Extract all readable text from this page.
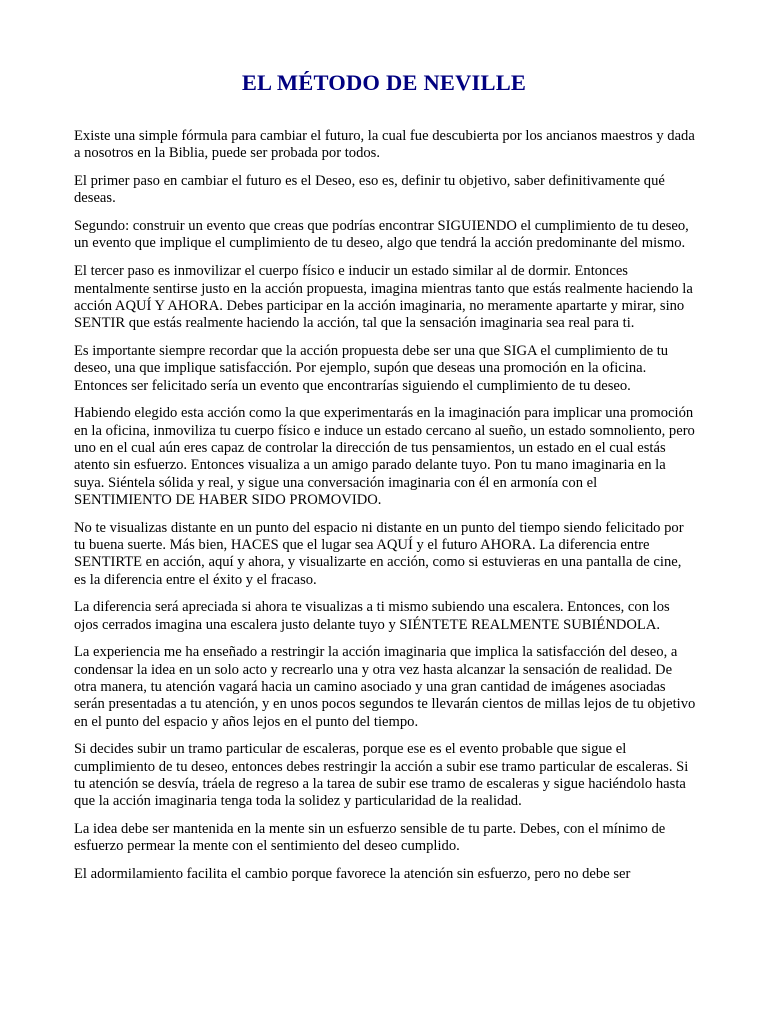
EL MÉTODO DE NEVILLE

Existe una simple fórmula para cambiar el futuro, la cual fue descubierta por los ancianos maestros y dada a nosotros en la Biblia, puede ser probada por todos.

El primer paso en cambiar el futuro es el Deseo, eso es, definir tu objetivo, saber definitivamente qué deseas.

Segundo: construir un evento que creas que podrías encontrar SIGUIENDO el cumplimiento de tu deseo, un evento que implique el cumplimiento de tu deseo, algo que tendrá la acción predominante del mismo.

El tercer paso es inmovilizar el cuerpo físico e inducir un estado similar al de dormir. Entonces mentalmente sentirse justo en la acción propuesta, imagina mientras tanto que estás realmente haciendo la acción AQUÍ Y AHORA. Debes participar en la acción imaginaria, no meramente apartarte y mirar, sino SENTIR que estás realmente haciendo la acción, tal que la sensación imaginaria sea real para ti.

Es importante siempre recordar que la acción propuesta debe ser una que SIGA el cumplimiento de tu deseo, una que implique satisfacción. Por ejemplo, supón que deseas una promoción en la oficina. Entonces ser felicitado sería un evento que encontrarías siguiendo el cumplimiento de tu deseo.

Habiendo elegido esta acción como la que experimentarás en la imaginación para implicar una promoción en la oficina, inmoviliza tu cuerpo físico e induce un estado cercano al sueño, un estado somnoliento, pero uno en el cual aún eres capaz de controlar la dirección de tus pensamientos, un estado en el cual estás atento sin esfuerzo. Entonces visualiza a un amigo parado delante tuyo. Pon tu mano imaginaria en la suya. Siéntela sólida y real, y sigue una conversación imaginaria con él en armonía con el SENTIMIENTO DE HABER SIDO PROMOVIDO.

No te visualizas distante en un punto del espacio ni distante en un punto del tiempo siendo felicitado por tu buena suerte. Más bien, HACES que el lugar sea AQUÍ y el futuro AHORA. La diferencia entre SENTIRTE en acción, aquí y ahora, y visualizarte en acción, como si estuvieras en una pantalla de cine, es la diferencia entre el éxito y el fracaso.

La diferencia será apreciada si ahora te visualizas a ti mismo subiendo una escalera. Entonces, con los ojos cerrados imagina una escalera justo delante tuyo y SIÉNTETE REALMENTE SUBIÉNDOLA.

La experiencia me ha enseñado a restringir la acción imaginaria que implica la satisfacción del deseo, a condensar la idea en un solo acto y recrearlo una y otra vez hasta alcanzar la sensación de realidad. De otra manera, tu atención vagará hacia un camino asociado y una gran cantidad de imágenes asociadas serán presentadas a tu atención, y en unos pocos segundos te llevarán cientos de millas lejos de tu objetivo en el punto del espacio y años lejos en el punto del tiempo.

Si decides subir un tramo particular de escaleras, porque ese es el evento probable que sigue el cumplimiento de tu deseo, entonces debes restringir la acción a subir ese tramo particular de escaleras. Si tu atención se desvía, tráela de regreso a la tarea de subir ese tramo de escaleras y sigue haciéndolo hasta que la acción imaginaria tenga toda la solidez y particularidad de la realidad.

La idea debe ser mantenida en la mente sin un esfuerzo sensible de tu parte. Debes, con el mínimo de esfuerzo permear la mente con el sentimiento del deseo cumplido.

El adormilamiento facilita el cambio porque favorece la atención sin esfuerzo, pero no debe ser
